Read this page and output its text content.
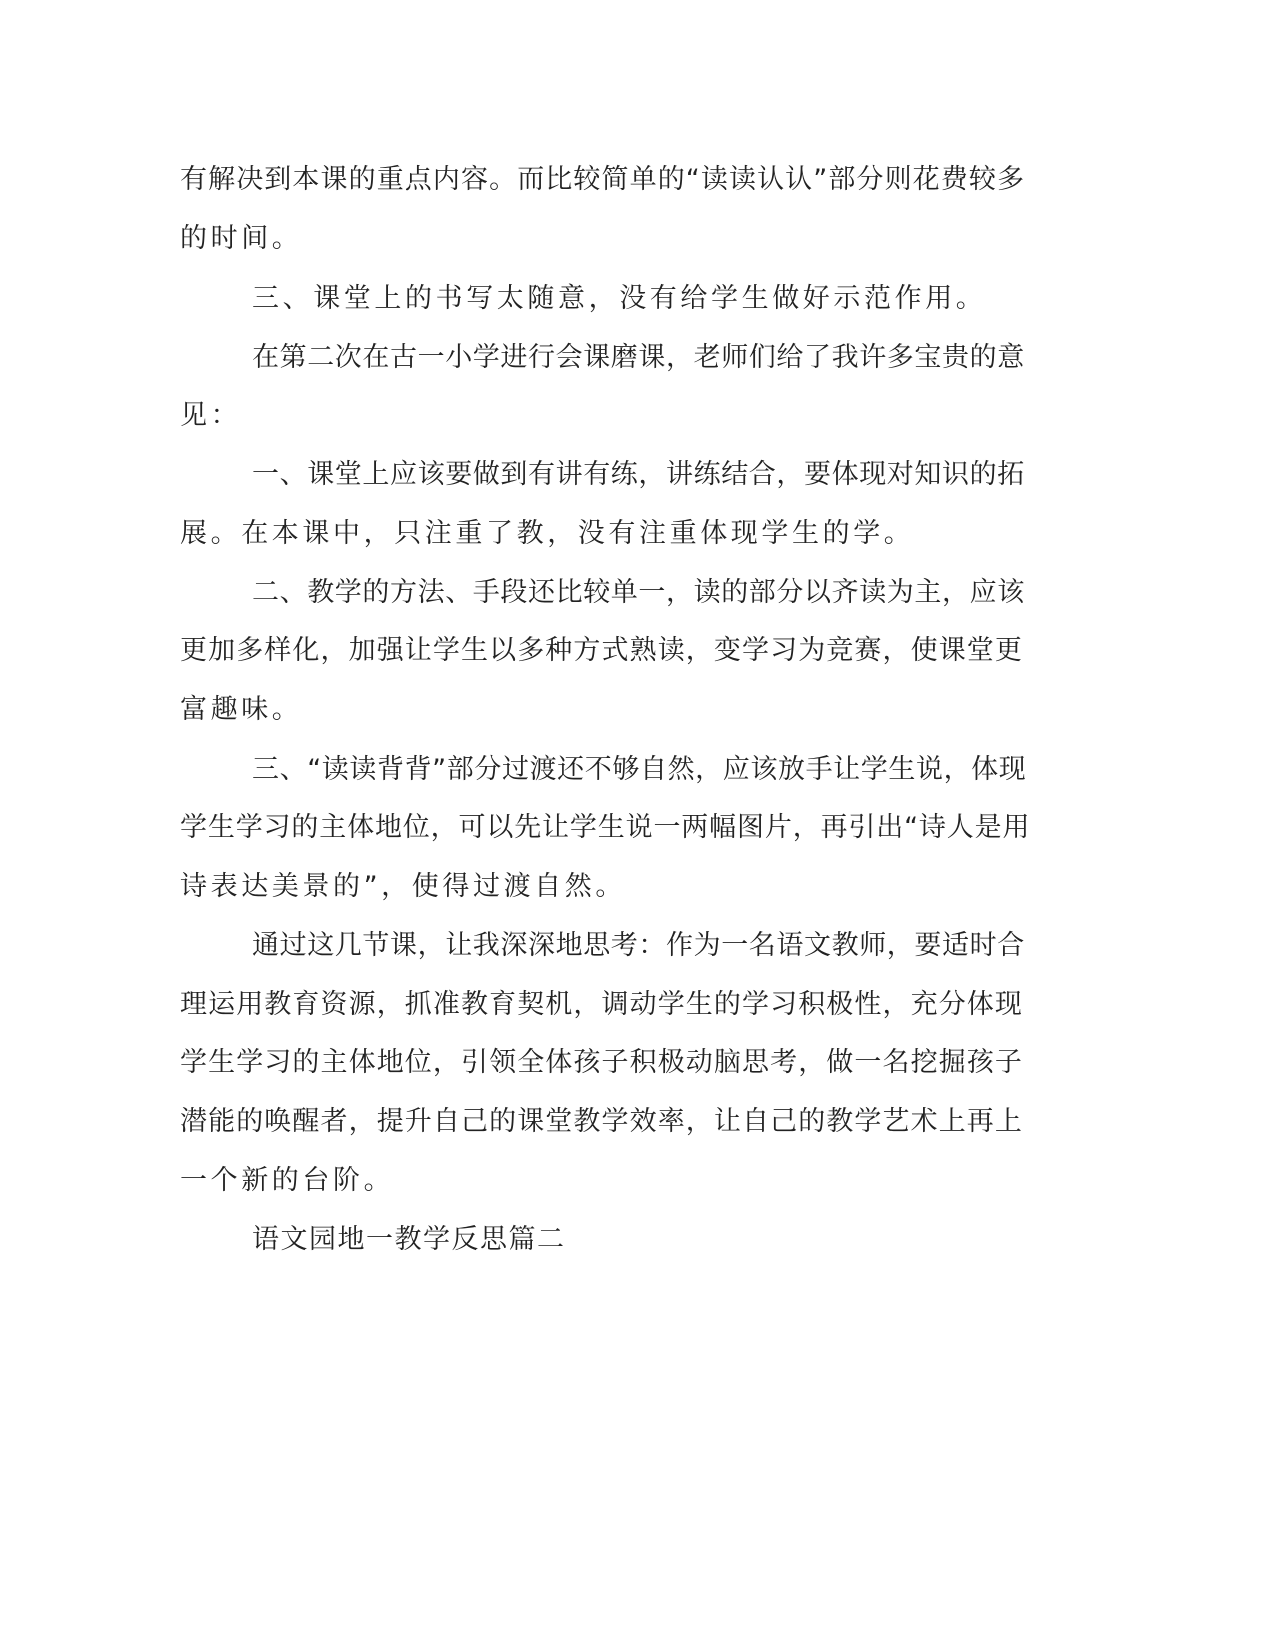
有解决到本课的重点内容。而比较简单的“读读认认”部分则花费较多
的时间。
三、课堂上的书写太随意，没有给学生做好示范作用。
在第二次在古一小学进行会课磨课，老师们给了我许多宝贵的意
见：
一、课堂上应该要做到有讲有练，讲练结合，要体现对知识的拓
展。在本课中，只注重了教，没有注重体现学生的学。
二、教学的方法、手段还比较单一，读的部分以齐读为主，应该
更加多样化，加强让学生以多种方式熟读，变学习为竞赛，使课堂更
富趣味。
三、“读读背背”部分过渡还不够自然，应该放手让学生说，体现
学生学习的主体地位，可以先让学生说一两幅图片，再引出“诗人是用
诗表达美景的”，使得过渡自然。
通过这几节课，让我深深地思考：作为一名语文教师，要适时合
理运用教育资源，抓准教育契机，调动学生的学习积极性，充分体现
学生学习的主体地位，引领全体孩子积极动脑思考，做一名挖掘孩子
潜能的唤醒者，提升自己的课堂教学效率，让自己的教学艺术上再上
一个新的台阶。
语文园地一教学反思篇二
